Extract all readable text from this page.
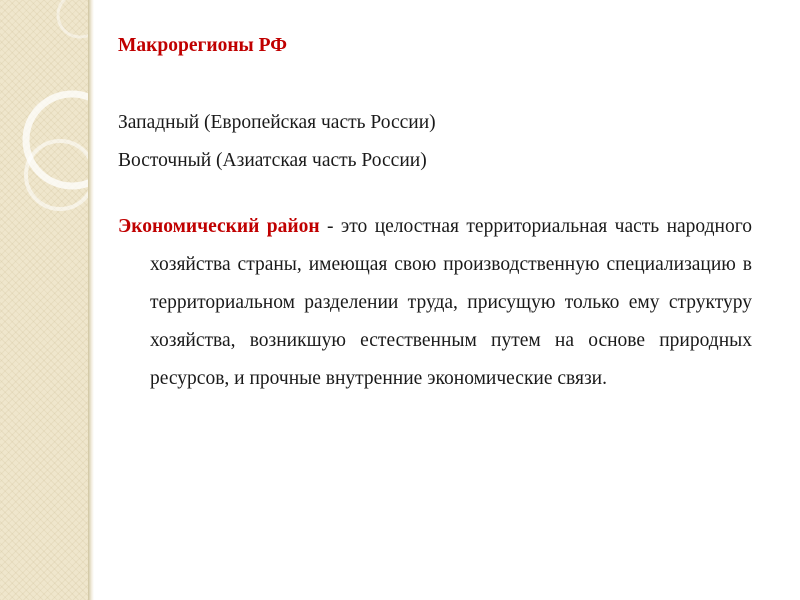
Макрорегионы РФ

Западный (Европейская часть России)

Восточный (Азиатская часть России)

Экономический район - это целостная территориальная часть народного хозяйства страны, имеющая свою производственную специализацию в территориальном разделении труда, присущую только ему структуру хозяйства, возникшую естественным путем на основе природных ресурсов, и прочные внутренние экономические связи.
